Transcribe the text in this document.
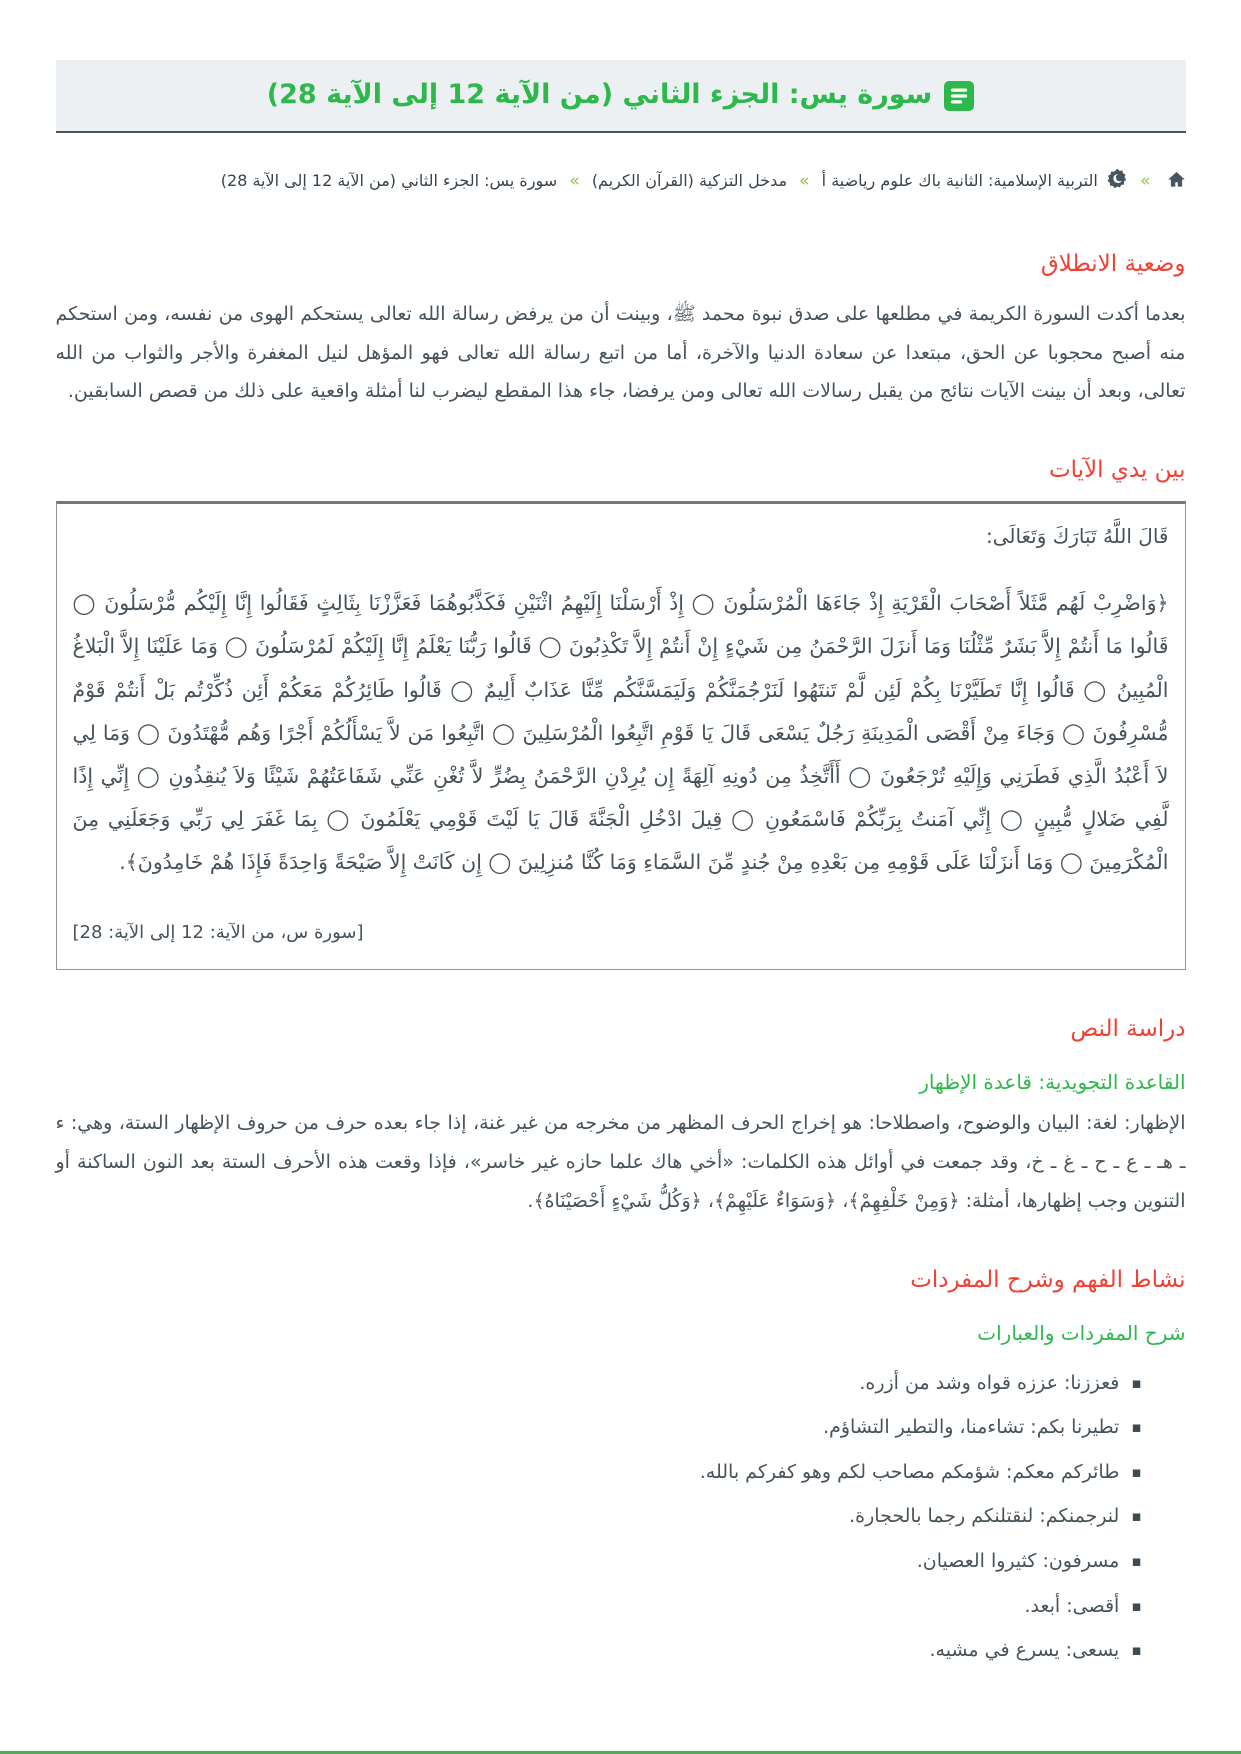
سورة يس: الجزء الثاني (من الآية 12 إلى الآية 28)
»  التربية الإسلامية: الثانية باك علوم رياضية أ » مدخل التزكية (القرآن الكريم) » سورة يس: الجزء الثاني (من الآية 12 إلى الآية 28)
وضعية الانطلاق

بعدما أكدت السورة الكريمة في مطلعها على صدق نبوة محمد ﷺ، وبينت أن من يرفض رسالة الله تعالى يستحكم الهوى من نفسه، ومن استحكم منه أصبح محجوبا عن الحق، مبتعدا عن سعادة الدنيا والآخرة، أما من اتبع رسالة الله تعالى فهو المؤهل لنيل المغفرة والأجر والثواب من الله تعالى، وبعد أن بينت الآيات نتائج من يقبل رسالات الله تعالى ومن يرفضا، جاء هذا المقطع ليضرب لنا أمثلة واقعية على ذلك من قصص السابقين.

بين يدي الآيات
قَالَ اللَّهُ تَبَارَكَ وَتَعَالَى:
﴿وَاضْرِبْ لَهُم مَّثَلاً أَصْحَابَ الْقَرْيَةِ إِذْ جَاءَهَا الْمُرْسَلُونَ ◯ إِذْ أَرْسَلْنَا إِلَيْهِمُ اثْنَيْنِ فَكَذَّبُوهُمَا فَعَزَّزْنَا بِثَالِثٍ فَقَالُوا إِنَّا إِلَيْكُم مُّرْسَلُونَ ◯ قَالُوا مَا أَنتُمْ إِلاَّ بَشَرٌ مِّثْلُنَا وَمَا أَنزَلَ الرَّحْمَنُ مِن شَيْءٍ إِنْ أَنتُمْ إِلاَّ تَكْذِبُونَ ◯ قَالُوا رَبُّنَا يَعْلَمُ إِنَّا إِلَيْكُمْ لَمُرْسَلُونَ ◯ وَمَا عَلَيْنَا إِلاَّ الْبَلاغُ الْمُبِينُ ◯ قَالُوا إِنَّا تَطَيَّرْنَا بِكُمْ لَئِن لَّمْ تَنتَهُوا لَنَرْجُمَنَّكُمْ وَلَيَمَسَّنَّكُم مِّنَّا عَذَابٌ أَلِيمٌ ◯ قَالُوا طَائِرُكُمْ مَعَكُمْ أَئِن ذُكِّرْتُم بَلْ أَنتُمْ قَوْمٌ مُّسْرِفُونَ ◯ وَجَاءَ مِنْ أَقْصَى الْمَدِينَةِ رَجُلٌ يَسْعَى قَالَ يَا قَوْمِ اتَّبِعُوا الْمُرْسَلِينَ ◯ اتَّبِعُوا مَن لاَّ يَسْأَلُكُمْ أَجْرًا وَهُم مُّهْتَدُونَ ◯ وَمَا لِي لاَ أَعْبُدُ الَّذِي فَطَرَنِي وَإِلَيْهِ تُرْجَعُونَ ◯ أَأَتَّخِذُ مِن دُونِهِ آلِهَةً إِن يُرِدْنِ الرَّحْمَنُ بِضُرٍّ لاَّ تُغْنِ عَنِّي شَفَاعَتُهُمْ شَيْئًا وَلاَ يُنقِذُونِ ◯ إِنِّي إِذًا لَّفِي ضَلالٍ مُّبِينٍ ◯ إِنِّي آمَنتُ بِرَبِّكُمْ فَاسْمَعُونِ ◯ قِيلَ ادْخُلِ الْجَنَّةَ قَالَ يَا لَيْتَ قَوْمِي يَعْلَمُونَ ◯ بِمَا غَفَرَ لِي رَبِّي وَجَعَلَنِي مِنَ الْمُكْرَمِينَ ◯ وَمَا أَنزَلْنَا عَلَى قَوْمِهِ مِن بَعْدِهِ مِنْ جُندٍ مِّنَ السَّمَاءِ وَمَا كُنَّا مُنزِلِينَ ◯ إِن كَانَتْ إِلاَّ صَيْحَةً وَاحِدَةً فَإِذَا هُمْ خَامِدُونَ﴾.
[سورة س، من الآية: 12 إلى الآية: 28]
دراسة النص
القاعدة التجويدية: قاعدة الإظهار

الإظهار: لغة: البيان والوضوح، واصطلاحا: هو إخراج الحرف المظهر من مخرجه من غير غنة، إذا جاء بعده حرف من حروف الإظهار الستة، وهي: ء ـ هـ ـ ع ـ ح ـ غ ـ خ، وقد جمعت في أوائل هذه الكلمات: «أخي هاك علما حازه غير خاسر»، فإذا وقعت هذه الأحرف الستة بعد النون الساكنة أو التنوين وجب إظهارها، أمثلة: ﴿وَمِنْ خَلْفِهِمْ﴾، ﴿وَسَوَاءٌ عَلَيْهِمْ﴾، ﴿وَكُلُّ شَيْءٍ أَحْصَيْنَاهُ﴾.

نشاط الفهم وشرح المفردات
شرح المفردات والعبارات
▪ فعززنا: عززه قواه وشد من أزره.
▪ تطيرنا بكم: تشاءمنا، والتطير التشاؤم.
▪ طائركم معكم: شؤمكم مصاحب لكم وهو كفركم بالله.
▪ لنرجمنكم: لنقتلنكم رجما بالحجارة.
▪ مسرفون: كثيروا العصيان.
▪ أقصى: أبعد.
▪ يسعى: يسرع في مشيه.
